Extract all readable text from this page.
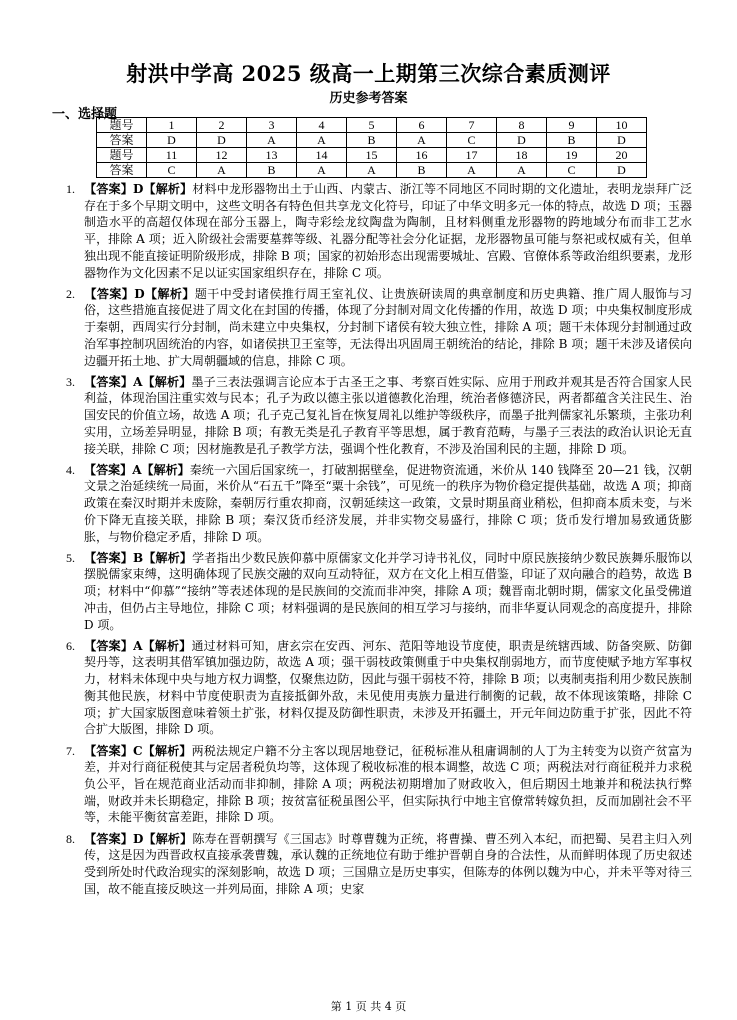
射洪中学高 2025 级高一上期第三次综合素质测评
历史参考答案
一、选择题
题号	1	2	3	4	5	6	7	8	9	10
答案	D	D	A	A	B	A	C	D	B	D
题号	11	12	13	14	15	16	17	18	19	20
答案	C	A	B	A	A	B	A	A	C	D
1. 【答案】D【解析】材料中龙形器物出土于山西、内蒙古、浙江等不同地区不同时期的文化遗址，表明龙崇拜广泛存在于多个早期文明中，这些文明各有特色但共享龙文化符号，印证了中华文明多元一体的特点，故选 D 项；玉器制造水平的高超仅体现在部分玉器上，陶寺彩绘龙纹陶盘为陶制，且材料侧重龙形器物的跨地域分布而非工艺水平，排除 A 项；近入阶级社会需要墓葬等级、礼器分配等社会分化证据，龙形器物虽可能与祭祀或权威有关，但单独出现不能直接证明阶级形成，排除 B 项；国家的初始形态出现需要城址、宫殿、官僚体系等政治组织要素，龙形器物作为文化因素不足以证实国家组织存在，排除 C 项。
2. 【答案】D【解析】题干中受封诸侯推行周王室礼仪、让贵族研读周的典章制度和历史典籍、推广周人服饰与习俗，这些措施直接促进了周文化在封国的传播，体现了分封制对周文化传播的作用，故选 D 项；中央集权制度形成于秦朝，西周实行分封制，尚未建立中央集权，分封制下诸侯有较大独立性，排除 A 项；题干未体现分封制通过政治军事控制巩固统治的内容，如诸侯拱卫王室等，无法得出巩固周王朝统治的结论，排除 B 项；题干未涉及诸侯向边疆开拓土地、扩大周朝疆域的信息，排除 C 项。
3. 【答案】A【解析】墨子三表法强调言论应本于古圣王之事、考察百姓实际、应用于刑政并观其是否符合国家人民利益，体现治国注重实效与民本；孔子为政以德主张以道德教化治理，统治者修德济民，两者都蕴含关注民生、治国安民的价值立场，故选 A 项；孔子克己复礼旨在恢复周礼以维护等级秩序，而墨子批判儒家礼乐繁琐，主张功利实用，立场差异明显，排除 B 项；有教无类是孔子教育平等思想，属于教育范畴，与墨子三表法的政治认识论无直接关联，排除 C 项；因材施教是孔子教学方法，强调个性化教育，不涉及治国利民的主题，排除 D 项。
4. 【答案】A【解析】秦统一六国后国家统一，打破割据壁垒，促进物资流通，米价从 140 钱降至 20—21 钱，汉朝文景之治延续统一局面，米价从“石五千”降至“粟十余钱”，可见统一的秩序为物价稳定提供基础，故选 A 项；抑商政策在秦汉时期并未废除，秦朝厉行重农抑商，汉朝延续这一政策，文景时期虽商业稍松，但抑商本质未变，与米价下降无直接关联，排除 B 项；秦汉货币经济发展，并非实物交易盛行，排除 C 项；货币发行增加易致通货膨胀，与物价稳定矛盾，排除 D 项。
5. 【答案】B【解析】学者指出少数民族仰慕中原儒家文化并学习诗书礼仪，同时中原民族接纳少数民族舞乐服饰以摆脱儒家束缚，这明确体现了民族交融的双向互动特征，双方在文化上相互借鉴，印证了双向融合的趋势，故选 B 项；材料中“仰慕”“接纳”等表述体现的是民族间的交流而非冲突，排除 A 项；魏晋南北朝时期，儒家文化虽受佛道冲击，但仍占主导地位，排除 C 项；材料强调的是民族间的相互学习与接纳，而非华夏认同观念的高度提升，排除 D 项。
6. 【答案】A【解析】通过材料可知，唐玄宗在安西、河东、范阳等地设节度使，职责是统辖西域、防备突厥、防御契丹等，这表明其借军镇加强边防，故选 A 项；强干弱枝政策侧重于中央集权削弱地方，而节度使赋予地方军事权力，材料未体现中央与地方权力调整，仅聚焦边防，因此与强干弱枝不符，排除 B 项；以夷制夷指利用少数民族制衡其他民族，材料中节度使职责为直接抵御外敌，未见使用夷族力量进行制衡的记载，故不体现该策略，排除 C 项；扩大国家版图意味着领土扩张，材料仅提及防御性职责，未涉及开拓疆土，开元年间边防重于扩张，因此不符合扩大版图，排除 D 项。
7. 【答案】C【解析】两税法规定户籍不分主客以现居地登记，征税标准从租庸调制的人丁为主转变为以资产贫富为差，并对行商征税使其与定居者税负均等，这体现了税收标准的根本调整，故选 C 项；两税法对行商征税并力求税负公平，旨在规范商业活动而非抑制，排除 A 项；两税法初期增加了财政收入，但后期因土地兼并和税法执行弊端，财政并未长期稳定，排除 B 项；按贫富征税虽图公平，但实际执行中地主官僚常转嫁负担，反而加剧社会不平等，未能平衡贫富差距，排除 D 项。
8. 【答案】D【解析】陈寿在晋朝撰写《三国志》时尊曹魏为正统，将曹操、曹丕列入本纪，而把蜀、吴君主归入列传，这是因为西晋政权直接承袭曹魏，承认魏的正统地位有助于维护晋朝自身的合法性，从而鲜明体现了历史叙述受到所处时代政治现实的深刻影响，故选 D 项；三国鼎立是历史事实，但陈寿的体例以魏为中心，并未平等对待三国，故不能直接反映这一并列局面，排除 A 项；史家
第 1 页 共 4 页
